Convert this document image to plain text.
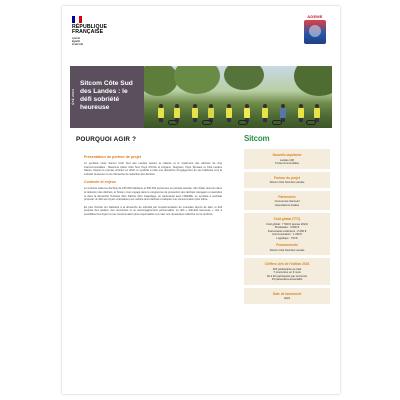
RÉPUBLIQUE
FRANÇAISE
Liberté
Égalité
Fraternité
ADEME
ÉTÉ 2024
Sitcom Côte Sud des Landes : le défi sobriété heureuse
POURQUOI AGIR ?
Présentation du porteur de projet

Le syndicat mixte Sitcom Côte Sud des Landes assure la collecte et le traitement des déchets de cinq intercommunalités : Maremne Adour Côte Sud, Pays d'Orthe et Arrigans, Seignanx, Pays Tarusate et Côte Landes Nature. Depuis le premier échelon en 2020, le syndicat a initié une démarche d'engagement de ses habitants vers la sobriété heureuse et une démarche de réduction des déchets.

Contexte et enjeux

Le territoire traite les déchets de 180 000 habitants et 500 000 personnes en période estivale. Afin d'aller plus loin dans la réduction des déchets, le Sitcom s'est engagé dans le programme de prévention des déchets ménagers et assimilés et dans la démarche Territoire Zéro Déchet Zéro Gaspillage, en partenariat avec l'ADEME. Le syndicat a souhaité proposer un défi aux foyers volontaires pour réduire leurs déchets et adopter une consommation plus sobre.

En plus d'inciter les habitants à la démarche de sobriété par l'expérimentation de nouvelles façons de faire, le défi propose des ateliers, des rencontres et un accompagnement personnalisé. Le défi « Sobriété Heureuse » vise à sensibiliser les foyers à une consommation plus responsable et à créer une dynamique collective sur le territoire.

Sitcom
Nouvelle-Aquitaine
Landes (40)
5 intercommunalités
Porteur du projet
Sitcom Côte Sud des Landes
Partenaires
Communes d'accueil
Associations locales
Coût global (TTC)
Coût global : 7 500 € (année 2024)
Prestataire : 3 800 €
Intervenants extérieurs : 2 000 €
Communication : 1 000 €
Logistique : 700 €
Financements
Sitcom Côte Sud des Landes
Chiffres clés de l'édition 2024
300 participants au total
7 rencontres en 6 mois
30 à 40 participants par rencontre
15 partenaires associatifs
Date de lancement
2024
